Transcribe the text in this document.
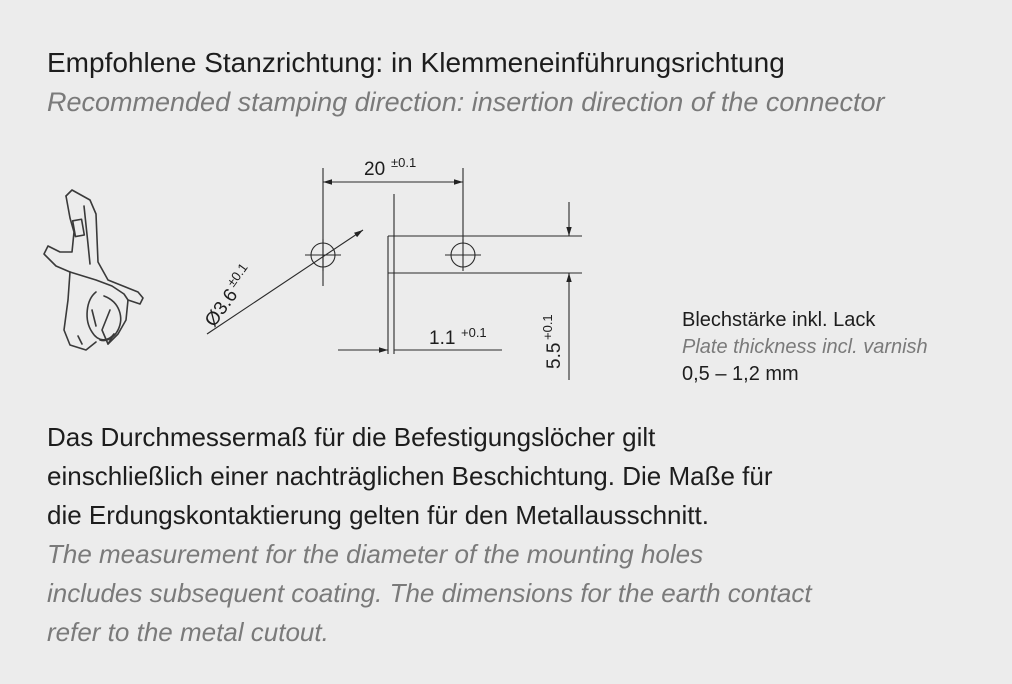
Empfohlene Stanzrichtung: in Klemmeneinführungsrichtung
Recommended stamping direction: insertion direction of the connector
20 ±0.1
Ø3.6
±0.1
1.1 +0.1
5.5
+0.1	Blechstärke inkl. Lack
Plate thickness incl. varnish
0,5 – 1,2 mm
Das Durchmessermaß für die Befestigungslöcher gilt
einschließlich einer nachträglichen Beschichtung. Die Maße für
die Erdungskontaktierung gelten für den Metallausschnitt.
The measurement for the diameter of the mounting holes
includes subsequent coating. The dimensions for the earth contact
refer to the metal cutout.
